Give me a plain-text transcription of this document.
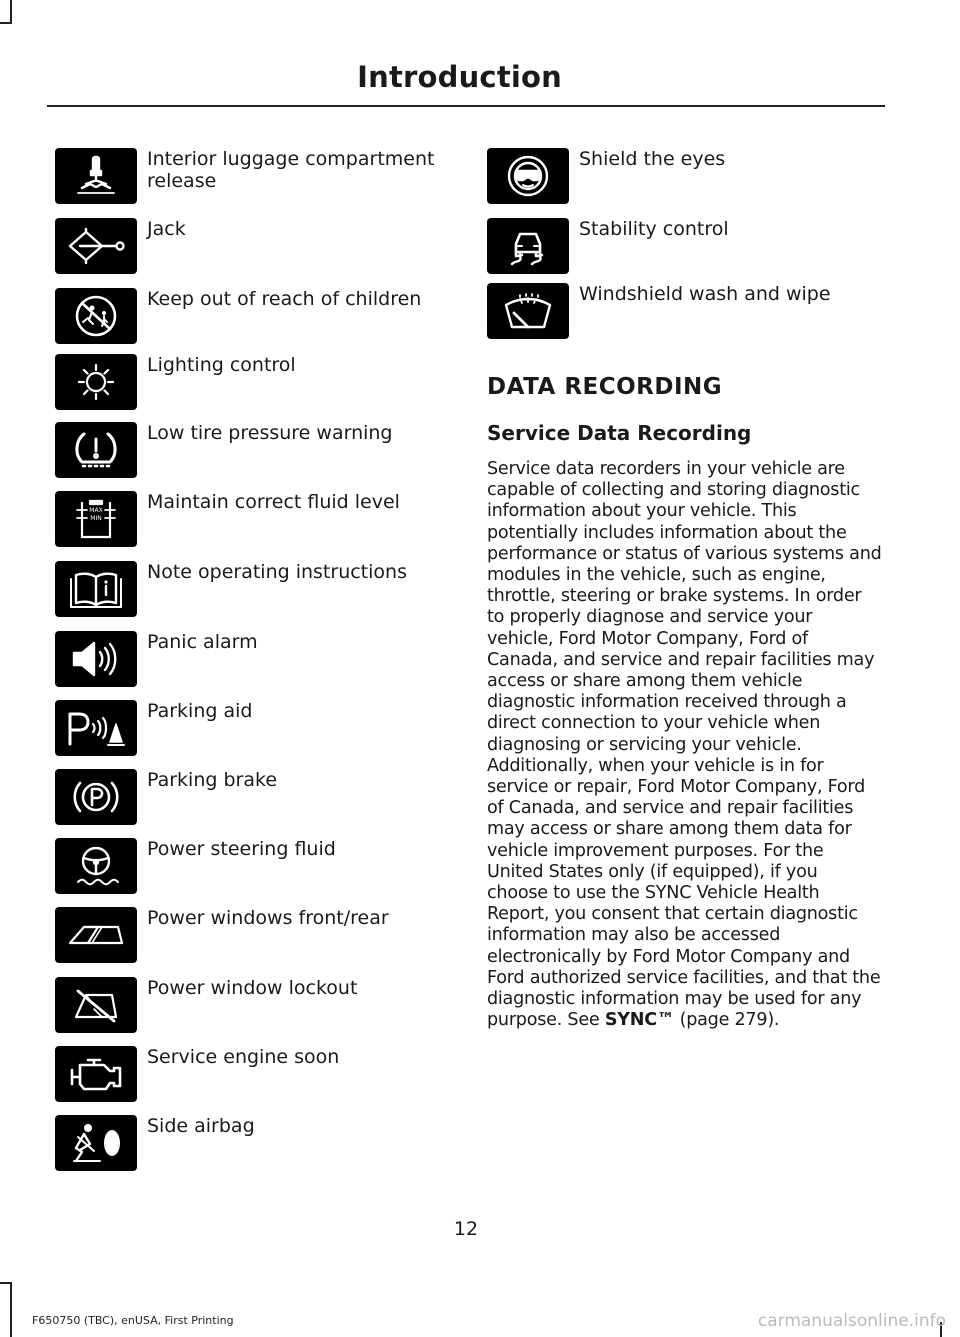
Introduction
Interior luggage compartment release
Jack
Keep out of reach of children
Lighting control
Low tire pressure warning
MAX
MIN
Maintain correct fluid level
Note operating instructions
Panic alarm
Parking aid
Parking brake
Power steering fluid
Power windows front/rear
Power window lockout
Service engine soon
Side airbag
Shield the eyes
Stability control
Windshield wash and wipe
DATA RECORDING
Service Data Recording
Service data recorders in your vehicle are capable of collecting and storing diagnostic information about your vehicle. This potentially includes information about the performance or status of various systems and modules in the vehicle, such as engine, throttle, steering or brake systems. In order to properly diagnose and service your vehicle, Ford Motor Company, Ford of Canada, and service and repair facilities may access or share among them vehicle diagnostic information received through a direct connection to your vehicle when diagnosing or servicing your vehicle. Additionally, when your vehicle is in for service or repair, Ford Motor Company, Ford of Canada, and service and repair facilities may access or share among them data for vehicle improvement purposes. For the United States only (if equipped), if you choose to use the SYNC Vehicle Health Report, you consent that certain diagnostic information may also be accessed electronically by Ford Motor Company and Ford authorized service facilities, and that the diagnostic information may be used for any purpose. See SYNC™ (page 279).
12
F650750 (TBC), enUSA, First Printing	carmanualsonline.info
